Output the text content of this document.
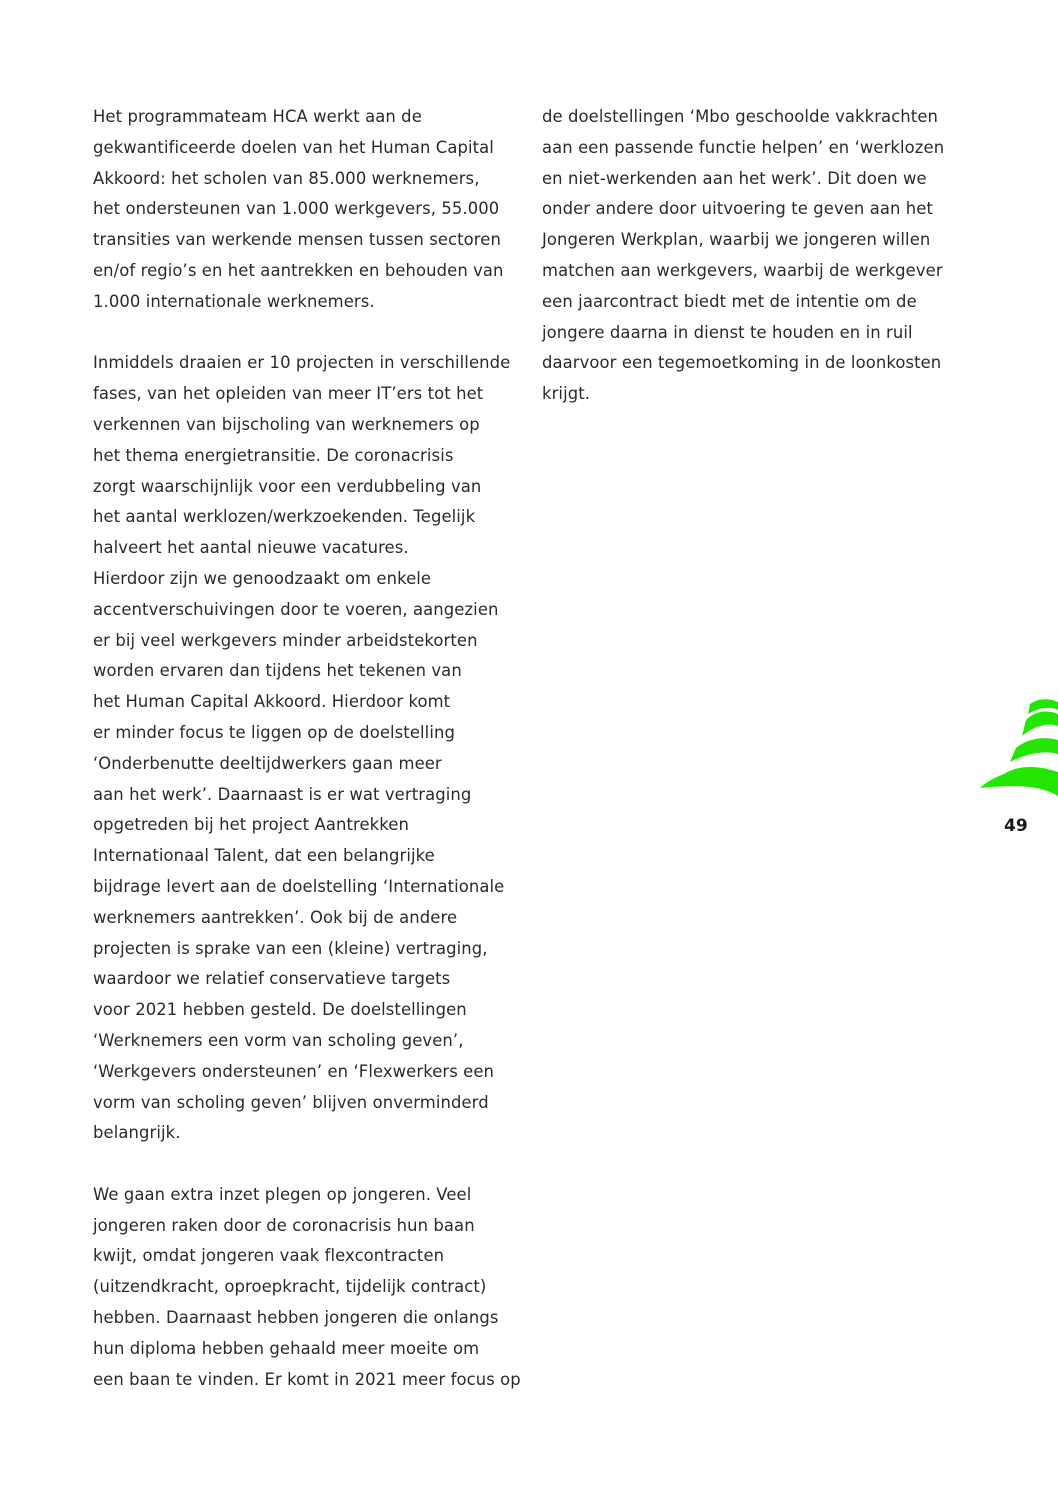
Het programmateam HCA werkt aan de
gekwantificeerde doelen van het Human Capital
Akkoord: het scholen van 85.000 werknemers,
het ondersteunen van 1.000 werkgevers, 55.000
transities van werkende mensen tussen sectoren
en/of regio’s en het aantrekken en behouden van
1.000 internationale werknemers.

Inmiddels draaien er 10 projecten in verschillende
fases, van het opleiden van meer IT’ers tot het
verkennen van bijscholing van werknemers op
het thema energietransitie. De coronacrisis
zorgt waarschijnlijk voor een verdubbeling van
het aantal werklozen/werkzoekenden. Tegelijk
halveert het aantal nieuwe vacatures.
Hierdoor zijn we genoodzaakt om enkele
accentverschuivingen door te voeren, aangezien
er bij veel werkgevers minder arbeidstekorten
worden ervaren dan tijdens het tekenen van
het Human Capital Akkoord. Hierdoor komt
er minder focus te liggen op de doelstelling
‘Onderbenutte deeltijdwerkers gaan meer
aan het werk’. Daarnaast is er wat vertraging
opgetreden bij het project Aantrekken
Internationaal Talent, dat een belangrijke
bijdrage levert aan de doelstelling ‘Internationale
werknemers aantrekken’. Ook bij de andere
projecten is sprake van een (kleine) vertraging,
waardoor we relatief conservatieve targets
voor 2021 hebben gesteld. De doelstellingen
‘Werknemers een vorm van scholing geven’,
‘Werkgevers ondersteunen’ en ‘Flexwerkers een
vorm van scholing geven’ blijven onverminderd
belangrijk.

We gaan extra inzet plegen op jongeren. Veel
jongeren raken door de coronacrisis hun baan
kwijt, omdat jongeren vaak flexcontracten
(uitzendkracht, oproepkracht, tijdelijk contract)
hebben. Daarnaast hebben jongeren die onlangs
hun diploma hebben gehaald meer moeite om
een baan te vinden. Er komt in 2021 meer focus op

de doelstellingen ‘Mbo geschoolde vakkrachten
aan een passende functie helpen’ en ‘werklozen
en niet-werkenden aan het werk’. Dit doen we
onder andere door uitvoering te geven aan het
Jongeren Werkplan, waarbij we jongeren willen
matchen aan werkgevers, waarbij de werkgever
een jaarcontract biedt met de intentie om de
jongere daarna in dienst te houden en in ruil
daarvoor een tegemoetkoming in de loonkosten
krijgt.

49
